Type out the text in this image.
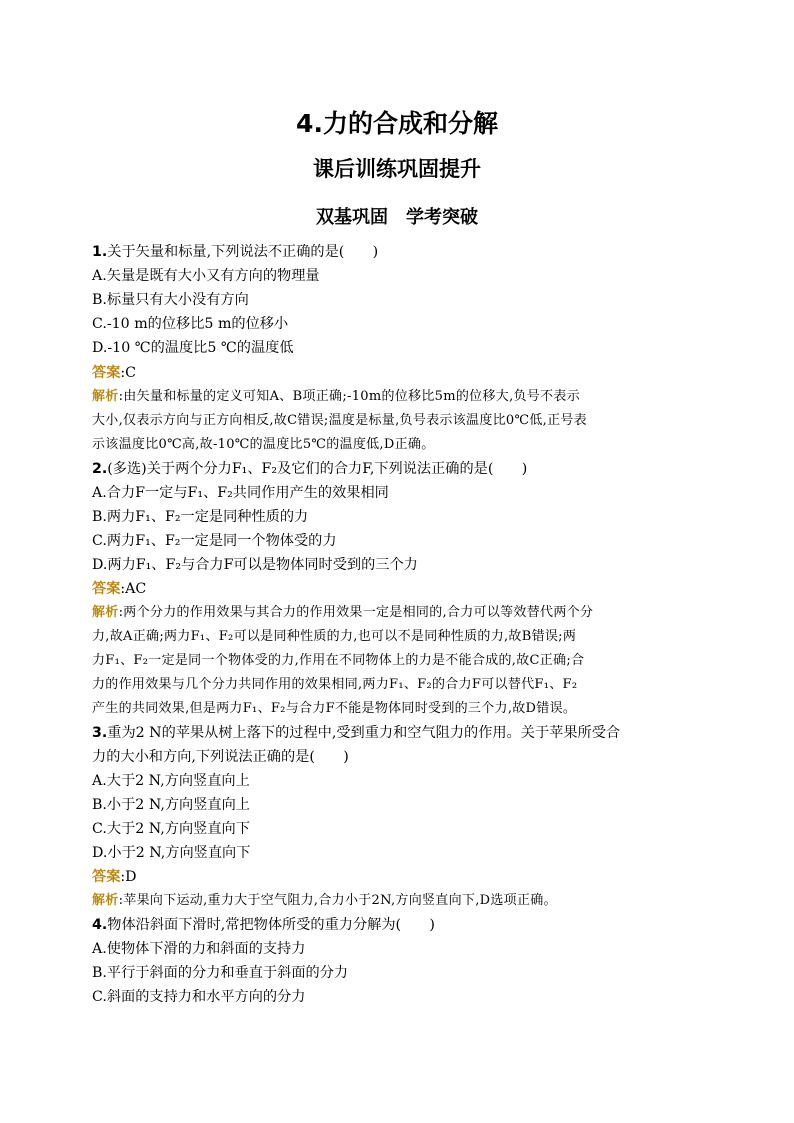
4.力的合成和分解
课后训练巩固提升
双基巩固　学考突破
1.关于矢量和标量,下列说法不正确的是(　　)
A.矢量是既有大小又有方向的物理量
B.标量只有大小没有方向
C.-10 m的位移比5 m的位移小
D.-10 ℃的温度比5 ℃的温度低
答案:C
解析:由矢量和标量的定义可知A、B项正确;-10m的位移比5m的位移大,负号不表示
大小,仅表示方向与正方向相反,故C错误;温度是标量,负号表示该温度比0℃低,正号表
示该温度比0℃高,故-10℃的温度比5℃的温度低,D正确。
2.(多选)关于两个分力F₁、F₂及它们的合力F,下列说法正确的是(　　)
A.合力F一定与F₁、F₂共同作用产生的效果相同
B.两力F₁、F₂一定是同种性质的力
C.两力F₁、F₂一定是同一个物体受的力
D.两力F₁、F₂与合力F可以是物体同时受到的三个力
答案:AC
解析:两个分力的作用效果与其合力的作用效果一定是相同的,合力可以等效替代两个分
力,故A正确;两力F₁、F₂可以是同种性质的力,也可以不是同种性质的力,故B错误;两
力F₁、F₂一定是同一个物体受的力,作用在不同物体上的力是不能合成的,故C正确;合
力的作用效果与几个分力共同作用的效果相同,两力F₁、F₂的合力F可以替代F₁、F₂
产生的共同效果,但是两力F₁、F₂与合力F不能是物体同时受到的三个力,故D错误。
3.重为2 N的苹果从树上落下的过程中,受到重力和空气阻力的作用。关于苹果所受合
力的大小和方向,下列说法正确的是(　　)
A.大于2 N,方向竖直向上
B.小于2 N,方向竖直向上
C.大于2 N,方向竖直向下
D.小于2 N,方向竖直向下
答案:D
解析:苹果向下运动,重力大于空气阻力,合力小于2N,方向竖直向下,D选项正确。
4.物体沿斜面下滑时,常把物体所受的重力分解为(　　)
A.使物体下滑的力和斜面的支持力
B.平行于斜面的分力和垂直于斜面的分力
C.斜面的支持力和水平方向的分力
